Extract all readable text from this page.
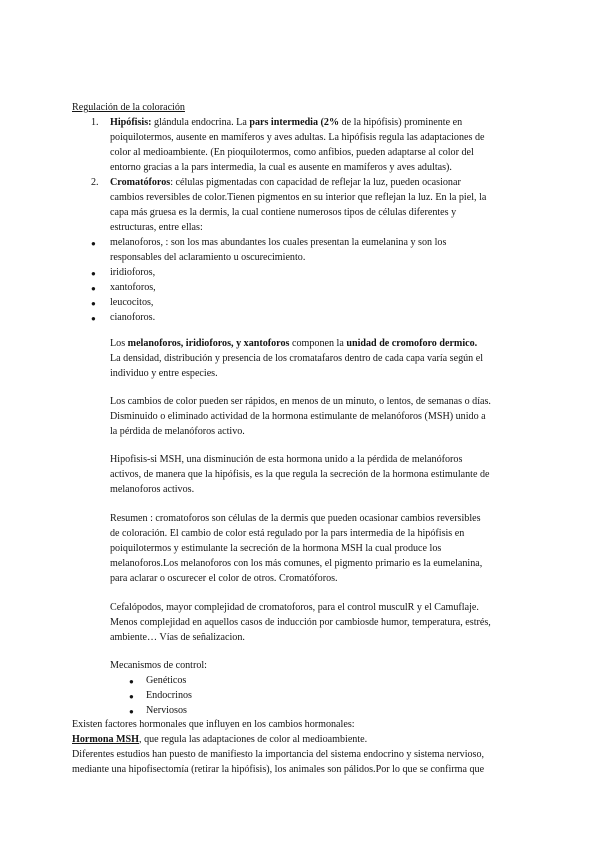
Regulación de la coloración
1. Hipófisis: glándula endocrina. La pars intermedia (2% de la hipófisis) prominente en
poiquilotermos, ausente en mamíferos y aves adultas. La hipófisis regula las adaptaciones de
color al medioambiente. (En pioquilotermos, como anfibios, pueden adaptarse al color del
entorno gracias a la pars intermedia, la cual es ausente en mamíferos y aves adultas).
2. Cromatóforos: células pigmentadas con capacidad de reflejar la luz, pueden ocasionar
cambios reversibles de color.Tienen pigmentos en su interior que reflejan la luz. En la piel, la
capa más gruesa es la dermis, la cual contiene numerosos tipos de células diferentes y
estructuras, entre ellas:
● melanoforos, : son los mas abundantes los cuales presentan la eumelanina y son los
responsables del aclaramiento u oscurecimiento.
● iridioforos,
● xantoforos,
● leucocitos,
● cianoforos.
Los melanoforos, iridioforos, y xantoforos componen la unidad de cromoforo dermico.
La densidad, distribución y presencia de los cromatafaros dentro de cada capa varía según el
individuo y entre especies.
Los cambios de color pueden ser rápidos, en menos de un minuto, o lentos, de semanas o días.
Disminuido o eliminado actividad de la hormona estimulante de melanóforos (MSH) unido a
la pérdida de melanóforos activo.
Hipofisis-si MSH, una disminución de esta hormona unido a la pérdida de melanóforos
activos, de manera que la hipófisis, es la que regula la secreción de la hormona estimulante de
melanoforos activos.
Resumen : cromatoforos son células de la dermis que pueden ocasionar cambios reversibles
de coloración. El cambio de color está regulado por la pars intermedia de la hipófisis en
poiquilotermos y estimulante la secreción de la hormona MSH la cual produce los
melanoforos.Los melanoforos con los más comunes, el pigmento primario es la eumelanina,
para aclarar o oscurecer el color de otros. Cromatóforos.
Cefalópodos, mayor complejidad de cromatoforos, para el control musculR y el Camuflaje.
Menos complejidad en aquellos casos de inducción por cambiosde humor, temperatura, estrés,
ambiente… Vías de señalizacion.
Mecanismos de control:
● Genéticos
● Endocrinos
● Nerviosos
Existen factores hormonales que influyen en los cambios hormonales:
Hormona MSH, que regula las adaptaciones de color al medioambiente.
Diferentes estudios han puesto de manifiesto la importancia del sistema endocrino y sistema nervioso,
mediante una hipofisectomía (retirar la hipófisis), los animales son pálidos.Por lo que se confirma que
